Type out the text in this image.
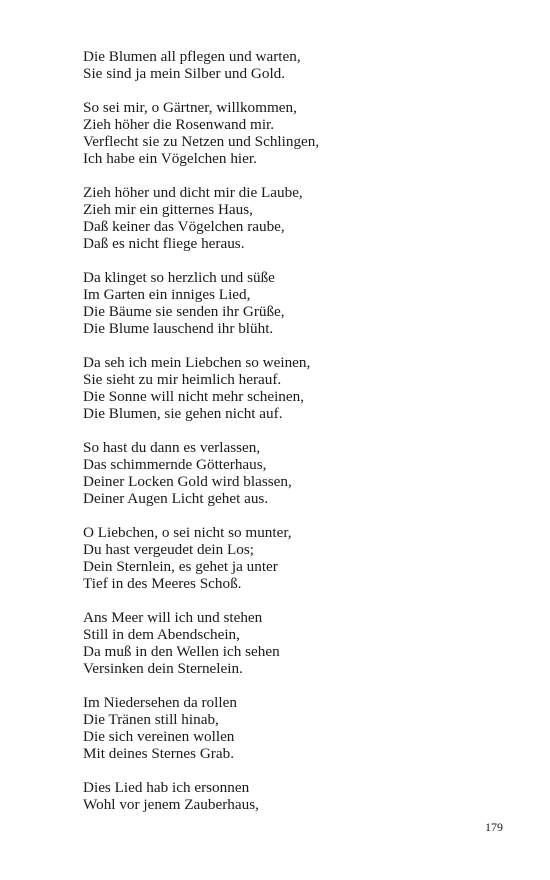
Die Blumen all pflegen und warten,
Sie sind ja mein Silber und Gold.
So sei mir, o Gärtner, willkommen,
Zieh höher die Rosenwand mir.
Verflecht sie zu Netzen und Schlingen,
Ich habe ein Vögelchen hier.
Zieh höher und dicht mir die Laube,
Zieh mir ein gitternes Haus,
Daß keiner das Vögelchen raube,
Daß es nicht fliege heraus.
Da klinget so herzlich und süße
Im Garten ein inniges Lied,
Die Bäume sie senden ihr Grüße,
Die Blume lauschend ihr blüht.
Da seh ich mein Liebchen so weinen,
Sie sieht zu mir heimlich herauf.
Die Sonne will nicht mehr scheinen,
Die Blumen, sie gehen nicht auf.
So hast du dann es verlassen,
Das schimmernde Götterhaus,
Deiner Locken Gold wird blassen,
Deiner Augen Licht gehet aus.
O Liebchen, o sei nicht so munter,
Du hast vergeudet dein Los;
Dein Sternlein, es gehet ja unter
Tief in des Meeres Schoß.
Ans Meer will ich und stehen
Still in dem Abendschein,
Da muß in den Wellen ich sehen
Versinken dein Sternelein.
Im Niedersehen da rollen
Die Tränen still hinab,
Die sich vereinen wollen
Mit deines Sternes Grab.
Dies Lied hab ich ersonnen
Wohl vor jenem Zauberhaus,
179
